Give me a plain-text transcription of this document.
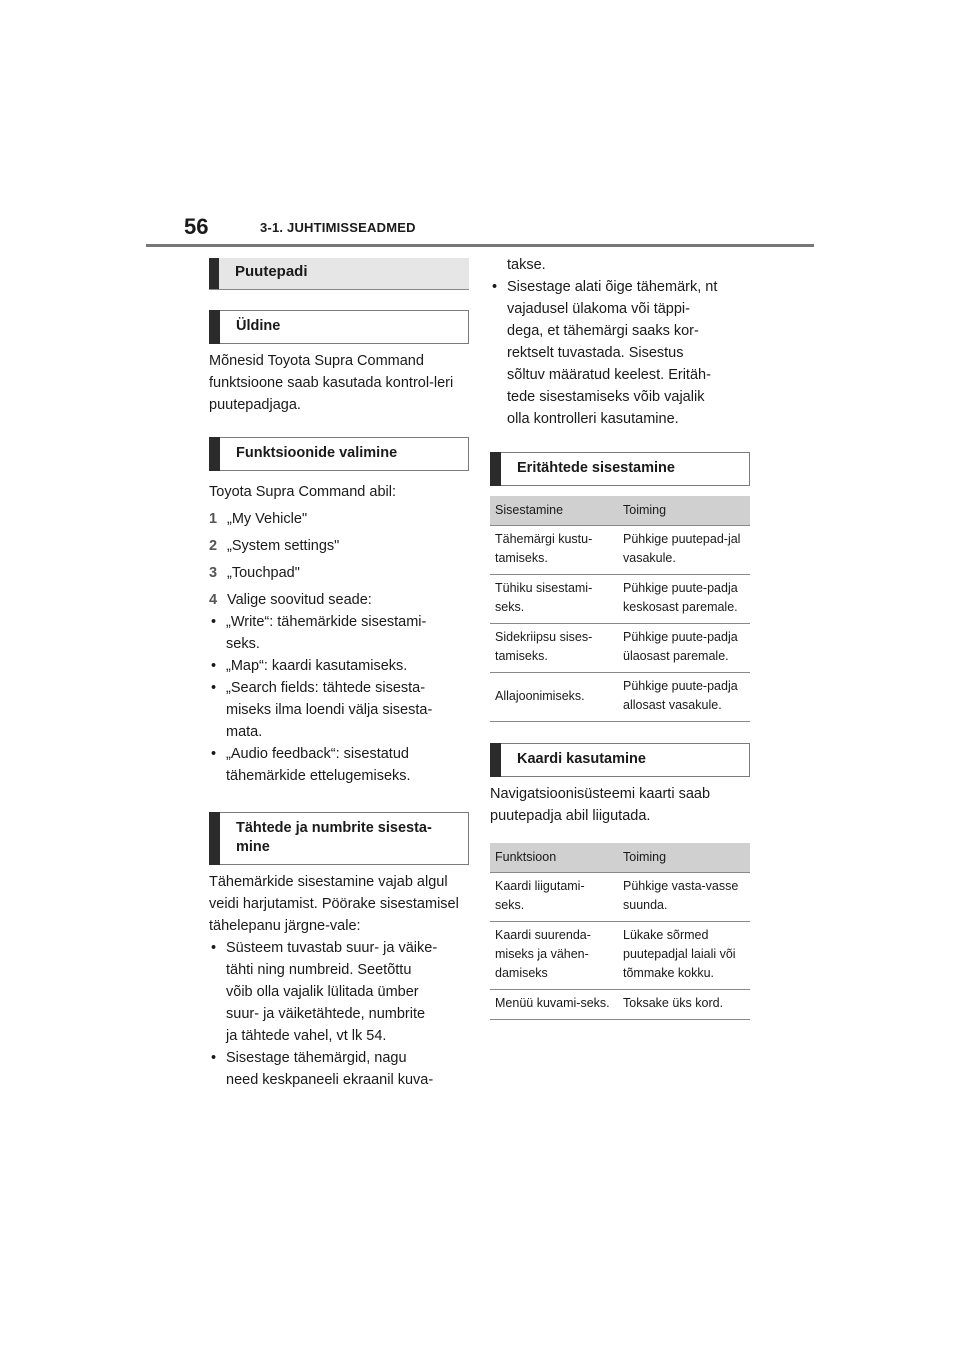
56	3-1. JUHTIMISSEADMED
Puutepadi
Üldine

Mõnesid Toyota Supra Command funktsioone saab kasutada kontrol-leri puutepadjaga.

Funktsioonide valimine

Toyota Supra Command abil:

1 „My Vehicle"
2 „System settings"
3 „Touchpad"
4 Valige soovitud seade:

• „Write“: tähemärkide sisestami-

seks.

• „Map“: kaardi kasutamiseks.

• „Search fields: tähtede sisesta-

miseks ilma loendi välja sisesta-

mata.

• „Audio feedback“: sisestatud

tähemärkide ettelugemiseks.

Tähtede ja numbrite sisesta-mine

Tähemärkide sisestamine vajab algul veidi harjutamist. Pöörake sisestamisel tähelepanu järgne-vale:

• Süsteem tuvastab suur- ja väike-

tähti ning numbreid. Seetõttu

võib olla vajalik lülitada ümber

suur- ja väiketähtede, numbrite

ja tähtede vahel, vt lk 54.

• Sisestage tähemärgid, nagu

need keskpaneeli ekraanil kuva-

takse.

• Sisestage alati õige tähemärk, nt

vajadusel ülakoma või täppi-

dega, et tähemärgi saaks kor-

rektselt tuvastada. Sisestus

sõltuv määratud keelest. Eritäh-

tede sisestamiseks võib vajalik

olla kontrolleri kasutamine.

Eritähtede sisestamine
Sisestamine	Toiming
Tähemärgi kustu-tamiseks.	Pühkige puutepad-jal vasakule.
Tühiku sisestami-seks.	Pühkige puute-padja keskosast paremale.
Sidekriipsu sises-tamiseks.	Pühkige puute-padja ülaosast paremale.
Allajoonimiseks.	Pühkige puute-padja allosast vasakule.
Kaardi kasutamine

Navigatsioonisüsteemi kaarti saab puutepadja abil liigutada.

Funktsioon	Toiming
Kaardi liigutami-seks.	Pühkige vasta-vasse suunda.
Kaardi suurenda-miseks ja vähen-damiseks	Lükake sõrmed puutepadjal laiali või tõmmake kokku.
Menüü kuvami-seks.	Toksake üks kord.
